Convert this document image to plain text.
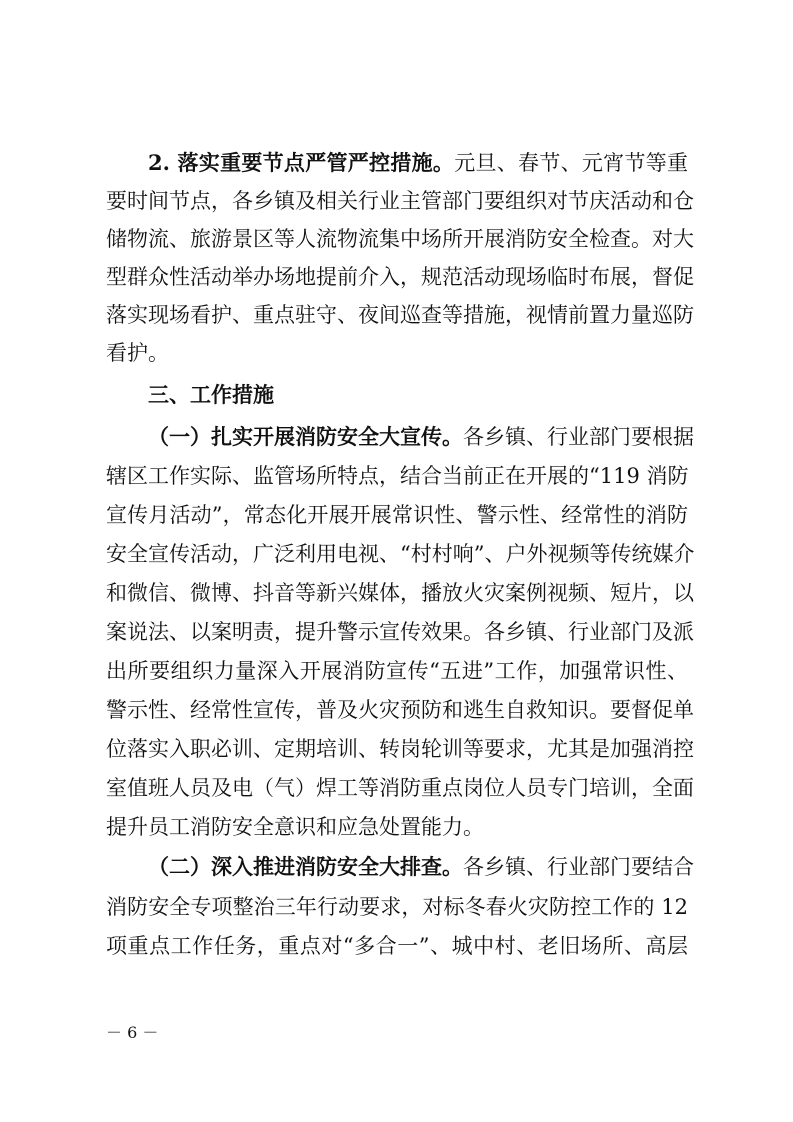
2. 落实重要节点严管严控措施。元旦、春节、元宵节等重
要时间节点，各乡镇及相关行业主管部门要组织对节庆活动和仓
储物流、旅游景区等人流物流集中场所开展消防安全检查。对大
型群众性活动举办场地提前介入，规范活动现场临时布展，督促
落实现场看护、重点驻守、夜间巡查等措施，视情前置力量巡防
看护。
三、工作措施
（一）扎实开展消防安全大宣传。各乡镇、行业部门要根据
辖区工作实际、监管场所特点，结合当前正在开展的“119 消防
宣传月活动”，常态化开展开展常识性、警示性、经常性的消防
安全宣传活动，广泛利用电视、“村村响”、户外视频等传统媒介
和微信、微博、抖音等新兴媒体，播放火灾案例视频、短片，以
案说法、以案明责，提升警示宣传效果。各乡镇、行业部门及派
出所要组织力量深入开展消防宣传“五进”工作，加强常识性、
警示性、经常性宣传，普及火灾预防和逃生自救知识。要督促单
位落实入职必训、定期培训、转岗轮训等要求，尤其是加强消控
室值班人员及电（气）焊工等消防重点岗位人员专门培训，全面
提升员工消防安全意识和应急处置能力。
（二）深入推进消防安全大排查。各乡镇、行业部门要结合
消防安全专项整治三年行动要求，对标冬春火灾防控工作的 12
项重点工作任务，重点对“多合一”、城中村、老旧场所、高层
－ 6 －
